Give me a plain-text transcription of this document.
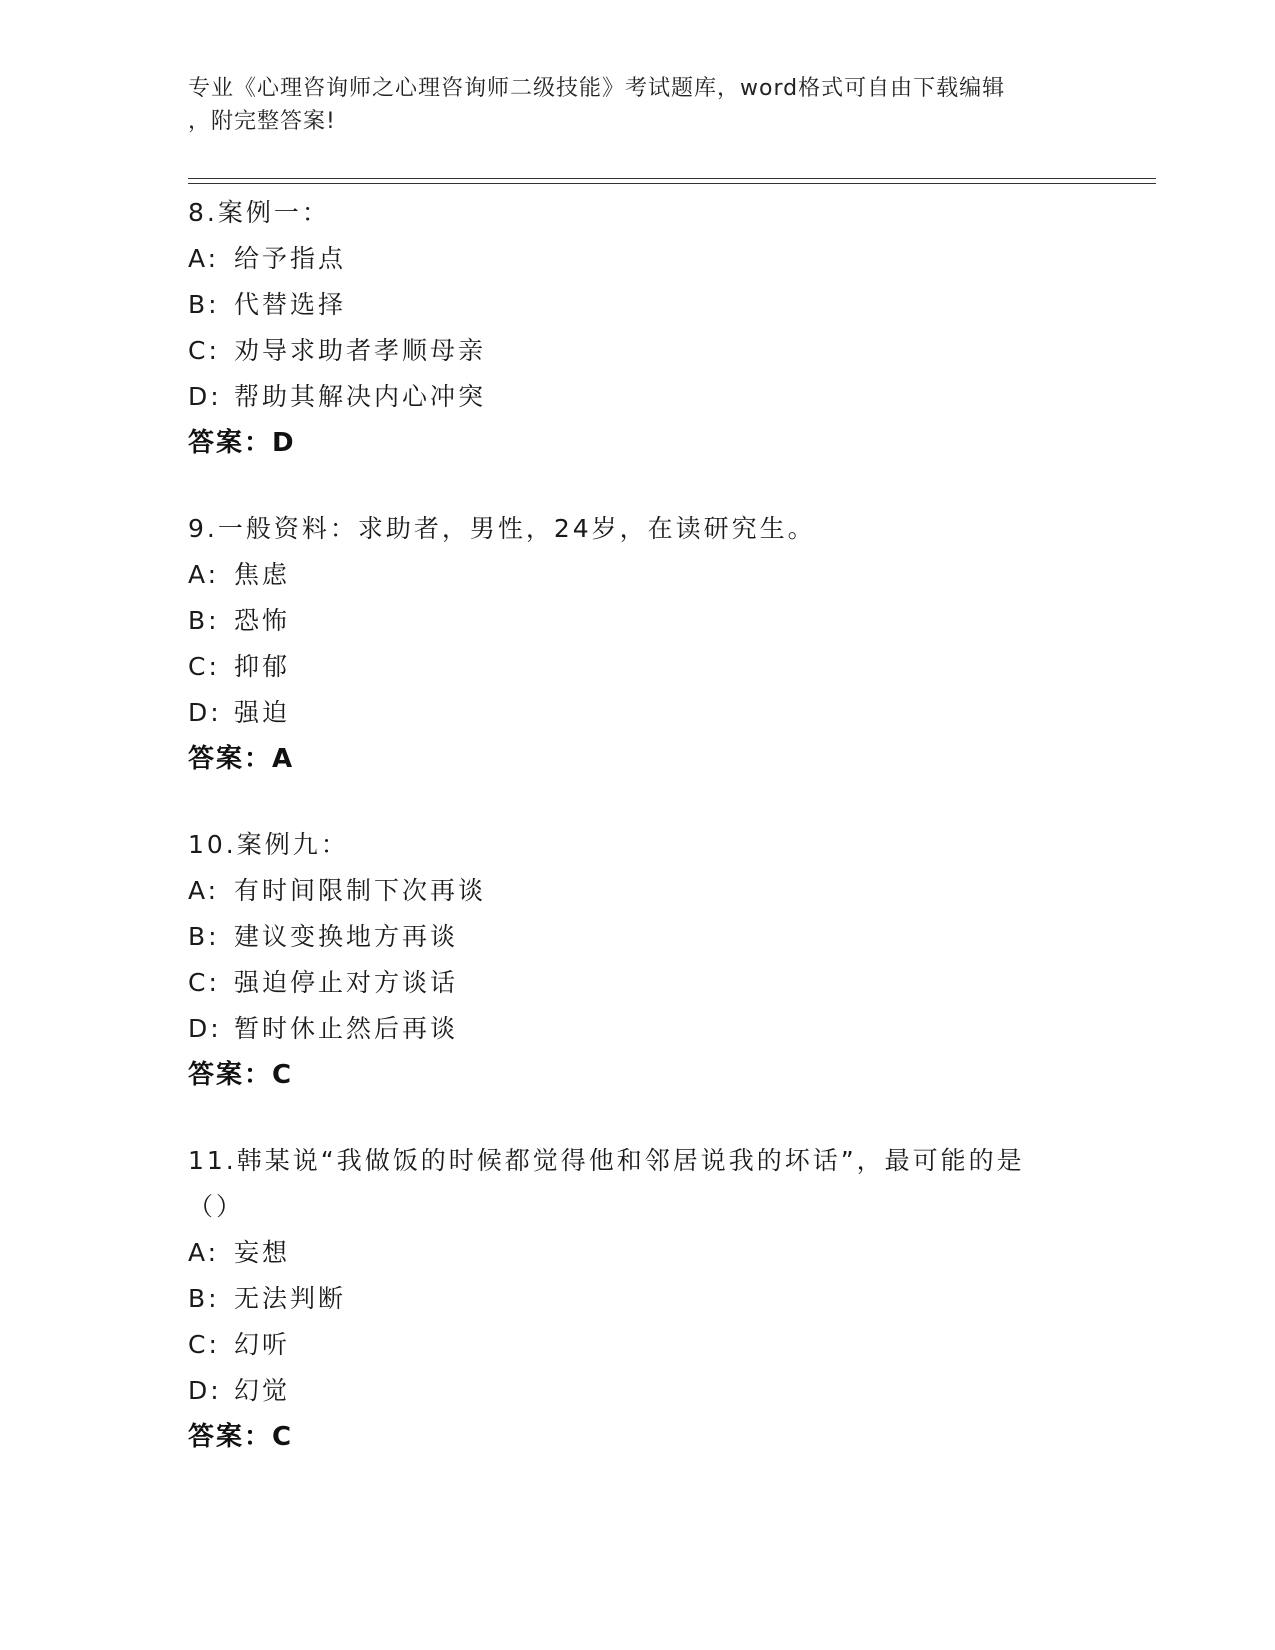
专业《心理咨询师之心理咨询师二级技能》考试题库，word格式可自由下载编辑
，附完整答案!
8.案例一：
A: 给予指点
B: 代替选择
C: 劝导求助者孝顺母亲
D: 帮助其解决内心冲突
答案：D
9.一般资料：求助者，男性，24岁，在读研究生。
A: 焦虑
B: 恐怖
C: 抑郁
D: 强迫
答案：A
10.案例九：
A: 有时间限制下次再谈
B: 建议变换地方再谈
C: 强迫停止对方谈话
D: 暂时休止然后再谈
答案：C
11.韩某说“我做饭的时候都觉得他和邻居说我的坏话”，最可能的是
（）
A: 妄想
B: 无法判断
C: 幻听
D: 幻觉
答案：C
